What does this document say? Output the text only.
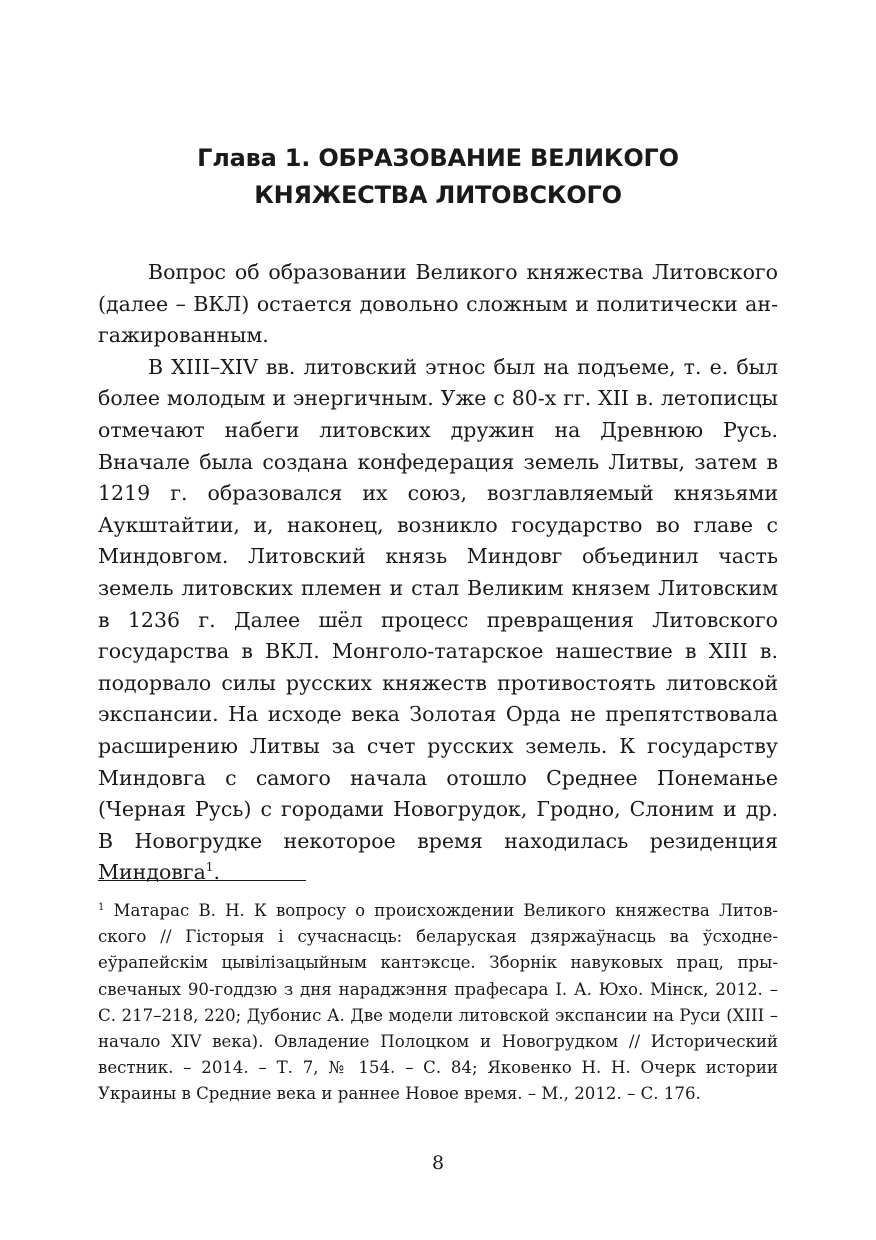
Глава 1. ОБРАЗОВАНИЕ ВЕЛИКОГО
КНЯЖЕСТВА ЛИТОВСКОГО

Вопрос об образовании Великого княжества Литовского (далее – ВКЛ) остается довольно сложным и политически ангажированным.

В XIII–XIV вв. литовский этнос был на подъеме, т. е. был более молодым и энергичным. Уже с 80-х гг. XII в. летописцы отмечают набеги литовских дружин на Древнюю Русь. Вначале была создана конфедерация земель Литвы, затем в 1219 г. образовался их союз, возглавляемый князьями Аукштайтии, и, наконец, возникло государство во главе с Миндовгом. Литовский князь Миндовг объединил часть земель литовских племен и стал Великим князем Литовским в 1236 г. Далее шёл процесс превращения Литовского государства в ВКЛ. Монголо-татарское нашествие в XIII в. подорвало силы русских княжеств противостоять литовской экспансии. На исходе века Золотая Орда не препятствовала расширению Литвы за счет русских земель. К государству Миндовга с самого начала отошло Среднее Понеманье (Черная Русь) с городами Новогрудок, Гродно, Слоним и др. В Новогрудке некоторое время находилась резиденция Миндовга$^1$.

$^1$ Матарас В. Н. К вопросу о происхождении Великого княжества Литовского // Гісторыя і сучаснасць: беларуская дзяржаўнасць ва ўсходнееўрапейскім цывілізацыйным кантэксце. Зборнік навуковых прац, прысвечаных 90-годдзю з дня нараджэння прафесара І. А. Юхо. Мінск, 2012. – С. 217–218, 220; Дубонис А. Две модели литовской экспансии на Руси (XIII – начало XIV века). Овладение Полоцком и Новогрудком // Исторический вестник. – 2014. – Т. 7, № 154. – С. 84; Яковенко Н. Н. Очерк истории Украины в Средние века и раннее Новое время. – М., 2012. – С. 176.
8
